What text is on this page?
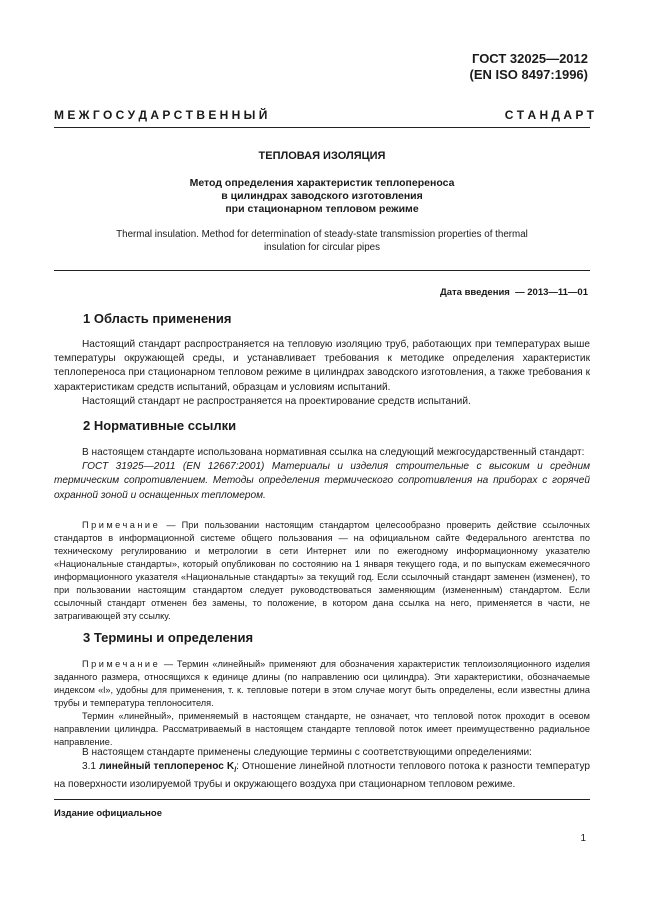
ГОСТ 32025—2012
(EN ISO 8497:1996)
М Е Ж Г О С У Д А Р С Т В Е Н Н Ы Й	С Т А Н Д А Р Т
ТЕПЛОВАЯ ИЗОЛЯЦИЯ
Метод определения характеристик теплопереноса
в цилиндрах заводского изготовления
при стационарном тепловом режиме
Thermal insulation. Method for determination of steady-state transmission properties of thermal
insulation for circular pipes
Дата введения  — 2013—11—01
1 Область применения

Настоящий стандарт распространяется на тепловую изоляцию труб, работающих при температурах выше температуры окружающей среды, и устанавливает требования к методике определения характеристик теплопереноса при стационарном тепловом режиме в цилиндрах заводского изготовления, а также требования к характеристикам средств испытаний, образцам и условиям испытаний.

Настоящий стандарт не распространяется на проектирование средств испытаний.

2 Нормативные ссылки

В настоящем стандарте использована нормативная ссылка на следующий межгосударственный стандарт:

ГОСТ 31925—2011 (EN 12667:2001) Материалы и изделия строительные с высоким и средним термическим сопротивлением. Методы определения термического сопротивления на приборах с горячей охранной зоной и оснащенных тепломером.

Примечание — При пользовании настоящим стандартом целесообразно проверить действие ссылочных стандартов в информационной системе общего пользования — на официальном сайте Федерального агентства по техническому регулированию и метрологии в сети Интернет или по ежегодному информационному указателю «Национальные стандарты», который опубликован по состоянию на 1 января текущего года, и по выпускам ежемесячного информационного указателя «Национальные стандарты» за текущий год. Если ссылочный стандарт заменен (изменен), то при пользовании настоящим стандартом следует руководствоваться заменяющим (измененным) стандартом. Если ссылочный стандарт отменен без замены, то положение, в котором дана ссылка на него, применяется в части, не затрагивающей эту ссылку.

3 Термины и определения

Примечание — Термин «линейный» применяют для обозначения характеристик теплоизоляционного изделия заданного размера, относящихся к единице длины (по направлению оси цилиндра). Эти характеристики, обозначаемые индексом «l», удобны для применения, т. к. тепловые потери в этом случае могут быть определены, если известны длина трубы и температура теплоносителя.

Термин «линейный», применяемый в настоящем стандарте, не означает, что тепловой поток проходит в осевом направлении цилиндра. Рассматриваемый в настоящем стандарте тепловой поток имеет преимущественно радиальное направление.

В настоящем стандарте применены следующие термины с соответствующими определениями:

3.1 линейный теплоперенос $K_l$: Отношение линейной плотности теплового потока к разности температур на поверхности изолируемой трубы и окружающего воздуха при стационарном тепловом режиме.

Издание официальное
1
